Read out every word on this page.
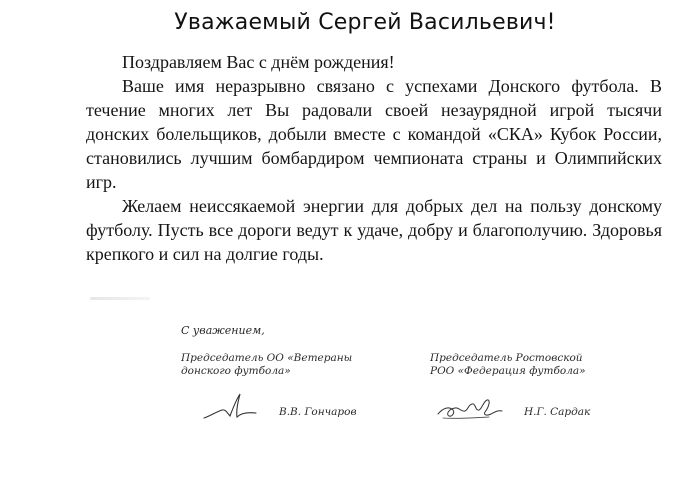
Уважаемый Сергей Васильевич!

Поздравляем Вас с днём рождения!

Ваше имя неразрывно связано с успехами Донского футбола. В течение многих лет Вы радовали своей незаурядной игрой тысячи донских болельщиков, добыли вместе с командой «СКА» Кубок России, становились лучшим бомбардиром чемпионата страны и Олимпийских игр.

Желаем неиссякаемой энергии для добрых дел на пользу донскому футболу. Пусть все дороги ведут к удаче, добру и благополучию. Здоровья крепкого и сил на долгие годы.

С уважением,
Председатель ОО «Ветераны
донского футбола»
Председатель Ростовской
РОО «Федерация футбола»
В.В. Гончаров	Н.Г. Сардак
